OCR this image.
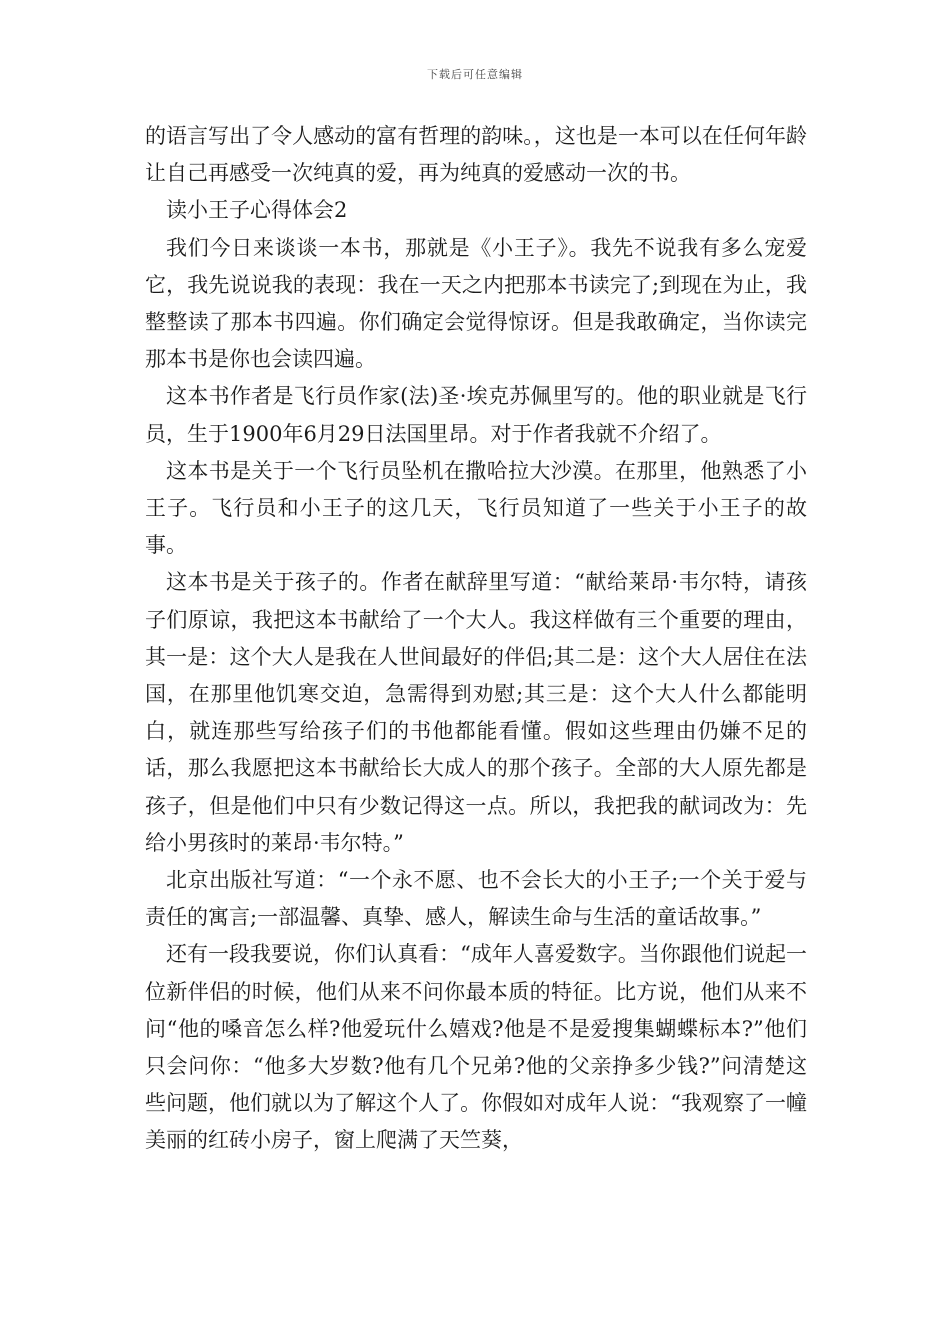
下载后可任意编辑

的语言写出了令人感动的富有哲理的韵味。，这也是一本可以在任何年龄让自己再感受一次纯真的爱，再为纯真的爱感动一次的书。

读小王子心得体会2

我们今日来谈谈一本书，那就是《小王子》。我先不说我有多么宠爱它，我先说说我的表现：我在一天之内把那本书读完了;到现在为止，我整整读了那本书四遍。你们确定会觉得惊讶。但是我敢确定，当你读完那本书是你也会读四遍。

这本书作者是飞行员作家(法)圣·埃克苏佩里写的。他的职业就是飞行员，生于1900年6月29日法国里昂。对于作者我就不介绍了。

这本书是关于一个飞行员坠机在撒哈拉大沙漠。在那里，他熟悉了小王子。飞行员和小王子的这几天，飞行员知道了一些关于小王子的故事。

这本书是关于孩子的。作者在献辞里写道：“献给莱昂·韦尔特，请孩子们原谅，我把这本书献给了一个大人。我这样做有三个重要的理由，其一是：这个大人是我在人世间最好的伴侣;其二是：这个大人居住在法国，在那里他饥寒交迫，急需得到劝慰;其三是：这个大人什么都能明白，就连那些写给孩子们的书他都能看懂。假如这些理由仍嫌不足的话，那么我愿把这本书献给长大成人的那个孩子。全部的大人原先都是孩子，但是他们中只有少数记得这一点。所以，我把我的献词改为：先给小男孩时的莱昂·韦尔特。”

北京出版社写道：“一个永不愿、也不会长大的小王子;一个关于爱与责任的寓言;一部温馨、真挚、感人，解读生命与生活的童话故事。”

还有一段我要说，你们认真看：“成年人喜爱数字。当你跟他们说起一位新伴侣的时候，他们从来不问你最本质的特征。比方说，他们从来不问“他的嗓音怎么样?他爱玩什么嬉戏?他是不是爱搜集蝴蝶标本?”他们只会问你：“他多大岁数?他有几个兄弟?他的父亲挣多少钱?”问清楚这些问题，他们就以为了解这个人了。你假如对成年人说：“我观察了一幢美丽的红砖小房子，窗上爬满了天竺葵，
